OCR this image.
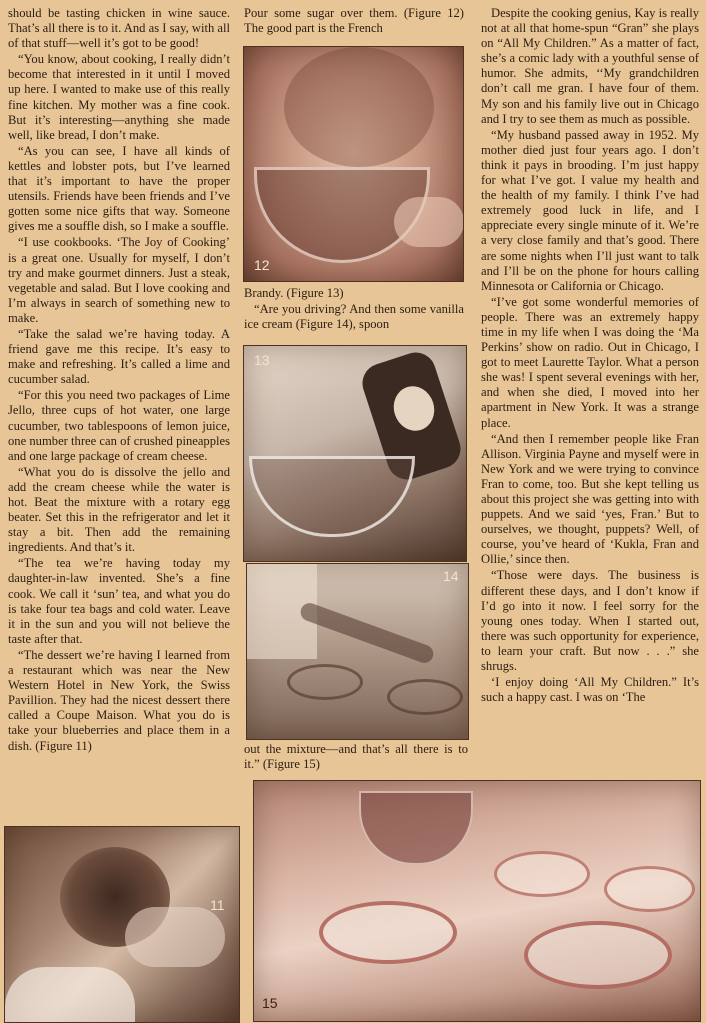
should be tasting chicken in wine sauce. That’s all there is to it. And as I say, with all of that stuff—well it’s got to be good!

“You know, about cooking, I really didn’t become that interested in it until I moved up here. I wanted to make use of this really fine kitchen. My mother was a fine cook. But it’s interesting—anything she made well, like bread, I don’t make.

“As you can see, I have all kinds of kettles and lobster pots, but I’ve learned that it’s important to have the proper utensils. Friends have been friends and I’ve gotten some nice gifts that way. Someone gives me a souffle dish, so I make a souffle.

“I use cookbooks. ‘The Joy of Cooking’ is a great one. Usually for myself, I don’t try and make gourmet dinners. Just a steak, vegetable and salad. But I love cooking and I’m always in search of something new to make.

“Take the salad we’re having today. A friend gave me this recipe. It’s easy to make and refreshing. It’s called a lime and cucumber salad.

“For this you need two packages of Lime Jello, three cups of hot water, one large cucumber, two tablespoons of lemon juice, one number three can of crushed pineapples and one large package of cream cheese.

“What you do is dissolve the jello and add the cream cheese while the water is hot. Beat the mixture with a rotary egg beater. Set this in the refrigerator and let it stay a bit. Then add the remaining ingredients. And that’s it.

“The tea we’re having today my daughter-in-law invented. She’s a fine cook. We call it ‘sun’ tea, and what you do is take four tea bags and cold water. Leave it in the sun and you will not believe the taste after that.

“The dessert we’re having I learned from a restaurant which was near the New Western Hotel in New York, the Swiss Pavillion. They had the nicest dessert there called a Coupe Maison. What you do is take your blueberries and place them in a dish. (Figure 11)

Pour some sugar over them. (Figure 12) The good part is the French

Brandy. (Figure 13)

“Are you driving? And then some vanilla ice cream (Figure 14), spoon

out the mixture—and that’s all there is to it.” (Figure 15)

Despite the cooking genius, Kay is really not at all that home-spun “Gran” she plays on “All My Children.” As a matter of fact, she’s a comic lady with a youthful sense of humor. She admits, ‘‘My grandchildren don’t call me gran. I have four of them. My son and his family live out in Chicago and I try to see them as much as possible.

“My husband passed away in 1952. My mother died just four years ago. I don’t think it pays in brooding. I’m just happy for what I’ve got. I value my health and the health of my family. I think I’ve had extremely good luck in life, and I appreciate every single minute of it. We’re a very close family and that’s good. There are some nights when I’ll just want to talk and I’ll be on the phone for hours calling Minnesota or California or Chicago.

“I’ve got some wonderful memories of people. There was an extremely happy time in my life when I was doing the ‘Ma Perkins’ show on radio. Out in Chicago, I got to meet Laurette Taylor. What a person she was! I spent several evenings with her, and when she died, I moved into her apartment in New York. It was a strange place.

“And then I remember people like Fran Allison. Virginia Payne and myself were in New York and we were trying to convince Fran to come, too. But she kept telling us about this project she was getting into with puppets. And we said ‘yes, Fran.’ But to ourselves, we thought, puppets? Well, of course, you’ve heard of ‘Kukla, Fran and Ollie,’ since then.

“Those were days. The business is different these days, and I don’t know if I’d go into it now. I feel sorry for the young ones today. When I started out, there was such opportunity for experience, to learn your craft. But now . . .” she shrugs.

‘I enjoy doing ‘All My Children.” It’s such a happy cast. I was on ‘The

12
13
14
11
15
